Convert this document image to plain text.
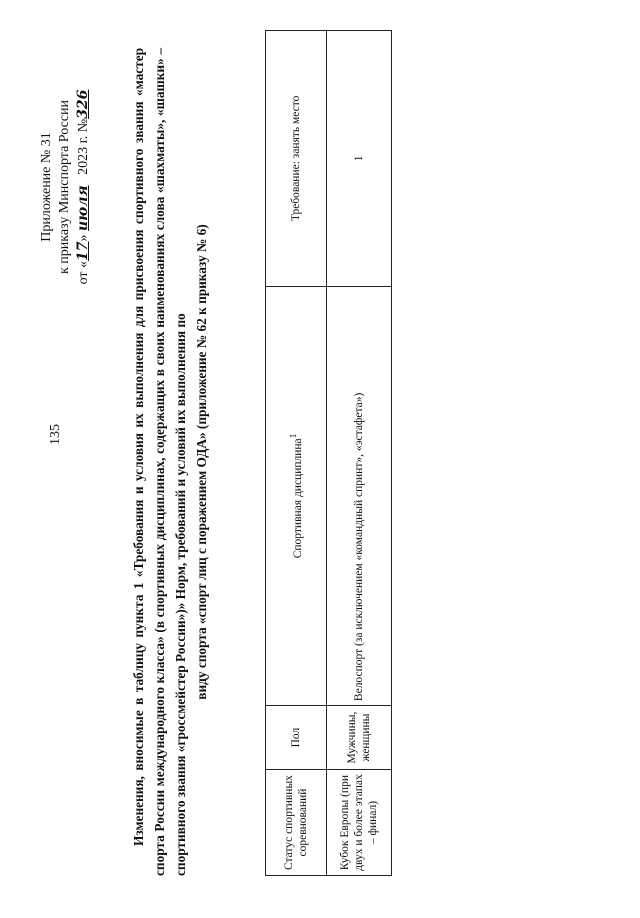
135
Приложение № 31 к приказу Минспорта России от «17» июля   2023 г. №326	Изменения, вносимые в таблицу пункта 1 «Требования и условия их выполнения для присвоения спортивного звания «мастер спорта России международного класса» (в спортивных дисциплинах, содержащих в своих наименованиях слова «шахматы», «шашки» – спортивного звания «гроссмейстер России»)» Норм, требований и условий их выполнения по виду спорта «спорт лиц с поражением ОДА» (приложение № 62 к приказу № 6)

Статус спортивных соревнований	Пол	Спортивная дисциплина$^1$	Требование: занять место
Кубок Европы (при двух и более этапах – финал)	Мужчины, женщины	Велоспорт (за исключением «командный спринт», «эстафета»)	1
